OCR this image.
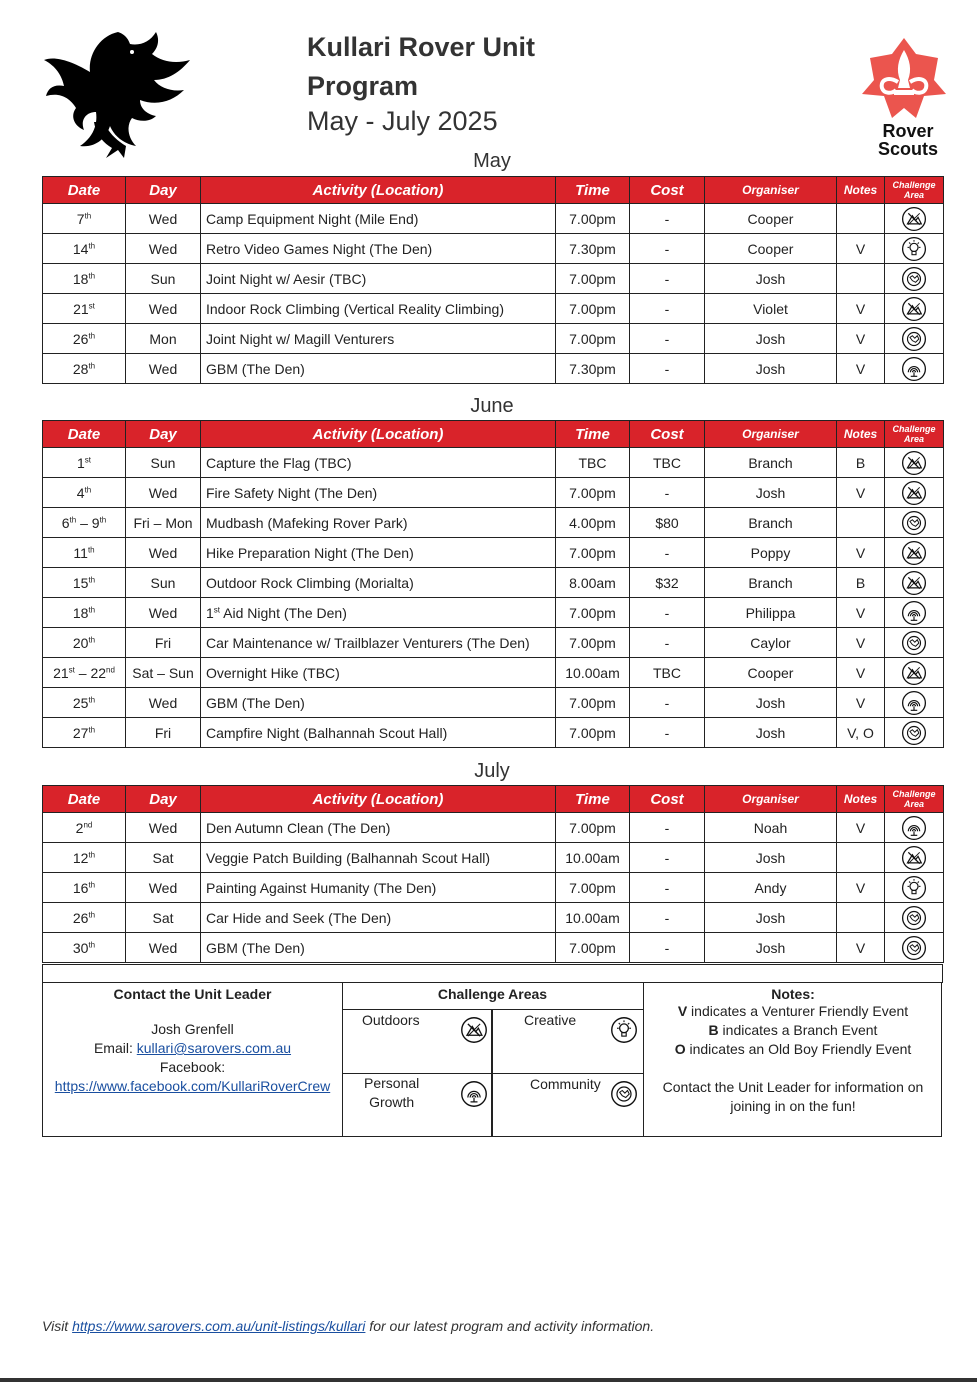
Kullari Rover Unit
Program
May - July 2025	Rover
Scouts
May
June
July
Date	Day	Activity (Location)	Time	Cost	Organiser	Notes	Challenge
Area

7th	Wed	Camp Equipment Night (Mile End)	7.00pm	-	Cooper		

14th	Wed	Retro Video Games Night (The Den)	7.30pm	-	Cooper	V	

18th	Sun	Joint Night w/ Aesir (TBC)	7.00pm	-	Josh		

21st	Wed	Indoor Rock Climbing (Vertical Reality Climbing)	7.00pm	-	Violet	V	

26th	Mon	Joint Night w/ Magill Venturers	7.00pm	-	Josh	V	

28th	Wed	GBM (The Den)	7.30pm	-	Josh	V	
Date	Day	Activity (Location)	Time	Cost	Organiser	Notes	Challenge
Area

1st	Sun	Capture the Flag (TBC)	TBC	TBC	Branch	B	

4th	Wed	Fire Safety Night (The Den)	7.00pm	-	Josh	V	

6th – 9th	Fri – Mon	Mudbash (Mafeking Rover Park)	4.00pm	$80	Branch		

11th	Wed	Hike Preparation Night (The Den)	7.00pm	-	Poppy	V	

15th	Sun	Outdoor Rock Climbing (Morialta)	8.00am	$32	Branch	B	

18th	Wed	1st Aid Night (The Den)	7.00pm	-	Philippa	V	

20th	Fri	Car Maintenance w/ Trailblazer Venturers (The Den)	7.00pm	-	Caylor	V	

21st – 22nd	Sat – Sun	Overnight Hike (TBC)	10.00am	TBC	Cooper	V	

25th	Wed	GBM (The Den)	7.00pm	-	Josh	V	

27th	Fri	Campfire Night (Balhannah Scout Hall)	7.00pm	-	Josh	V, O	
Date	Day	Activity (Location)	Time	Cost	Organiser	Notes	Challenge
Area

2nd	Wed	Den Autumn Clean (The Den)	7.00pm	-	Noah	V	

12th	Sat	Veggie Patch Building (Balhannah Scout Hall)	10.00am	-	Josh		

16th	Wed	Painting Against Humanity (The Den)	7.00pm	-	Andy	V	

26th	Sat	Car Hide and Seek (The Den)	10.00am	-	Josh		

30th	Wed	GBM (The Den)	7.00pm	-	Josh	V	
Contact the Unit Leader
Josh Grenfell
Email: kullari@sarovers.com.au
Facebook:
https://www.facebook.com/KullariRoverCrew
Challenge Areas
Outdoors	Creative
Personal
Growth
Community
Notes:
V indicates a Venturer Friendly Event
B indicates a Branch Event
O indicates an Old Boy Friendly Event
Contact the Unit Leader for information on
joining in on the fun!
Visit https://www.sarovers.com.au/unit-listings/kullari for our latest program and activity information.
